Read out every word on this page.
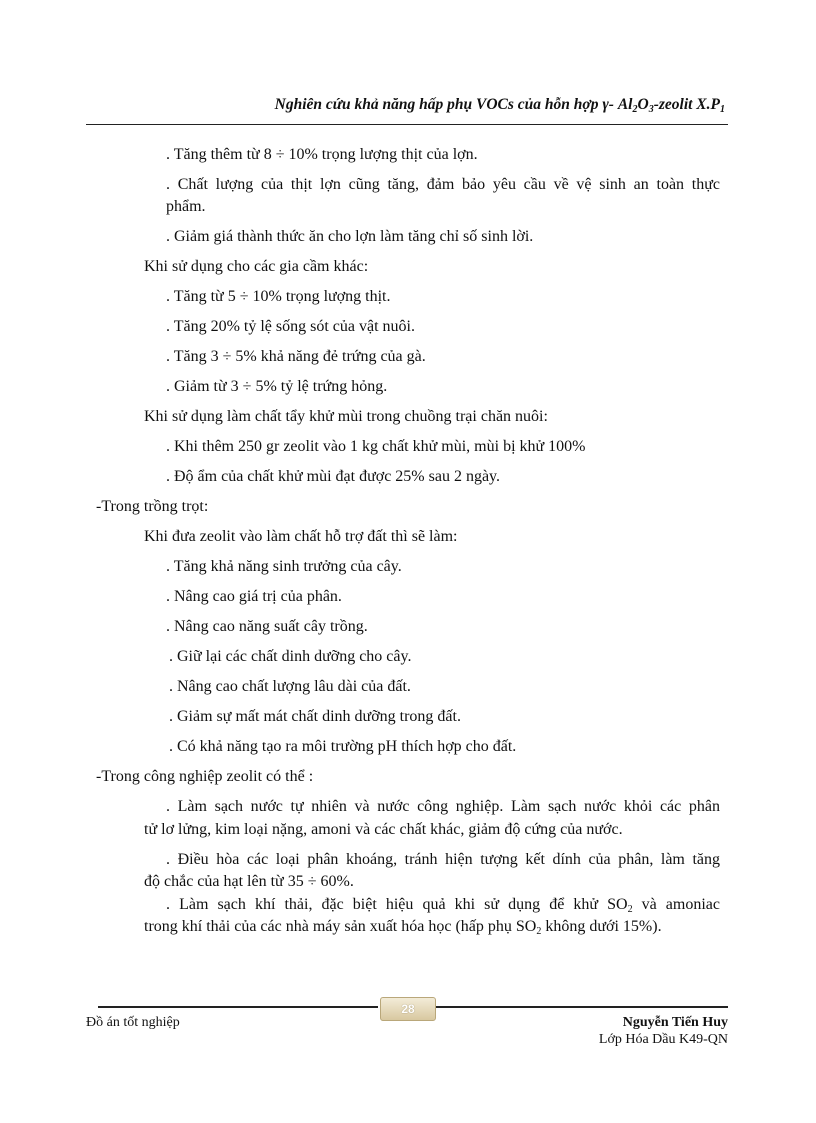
Nghiên cứu khả năng hấp phụ VOCs của hỗn hợp γ- $Al_2O_3$-zeolit $X.P_1$
. Tăng thêm từ 8 ÷ 10% trọng lượng thịt của lợn.
. Chất lượng của thịt lợn cũng tăng, đảm bảo yêu cầu về vệ sinh an toàn thực
phẩm.
. Giảm giá thành thức ăn cho lợn làm tăng chỉ số sinh lời.
Khi sử dụng cho các gia cầm khác:
. Tăng từ 5 ÷ 10% trọng lượng thịt.
. Tăng 20% tỷ lệ sống sót của vật nuôi.
. Tăng 3 ÷ 5% khả năng đẻ trứng của gà.
. Giảm từ 3 ÷ 5% tỷ lệ trứng hỏng.
Khi sử dụng làm chất tẩy khử mùi trong chuồng trại chăn nuôi:
. Khi thêm 250 gr zeolit vào 1 kg chất khử mùi, mùi bị khử 100%
. Độ ẩm của chất khử mùi đạt được 25% sau 2 ngày.
-Trong trồng trọt:
Khi đưa zeolit vào làm chất hỗ trợ đất thì sẽ làm:
. Tăng khả năng sinh trưởng của cây.
. Nâng cao giá trị của phân.
. Nâng cao năng suất cây trồng.
. Giữ lại các chất dinh dưỡng cho cây.
. Nâng cao chất lượng lâu dài của đất.
. Giảm sự mất mát chất dinh dưỡng trong đất.
. Có khả năng tạo ra môi trường pH thích hợp cho đất.
-Trong công nghiệp zeolit có thể :
. Làm sạch nước tự nhiên và nước công nghiệp. Làm sạch nước khỏi các phân
tử lơ lửng, kim loại nặng, amoni và các chất khác, giảm độ cứng của nước.
. Điều hòa các loại phân khoáng, tránh hiện tượng kết dính của phân, làm tăng
độ chắc của hạt lên từ 35 ÷ 60%.
. Làm sạch khí thải, đặc biệt hiệu quả khi sử dụng để khử $SO_2$ và amoniac
trong khí thải của các nhà máy sản xuất hóa học (hấp phụ $SO_2$ không dưới 15%).
28
Đồ án tốt nghiệp	Nguyễn Tiến Huy
Lớp Hóa Dầu K49-QN
